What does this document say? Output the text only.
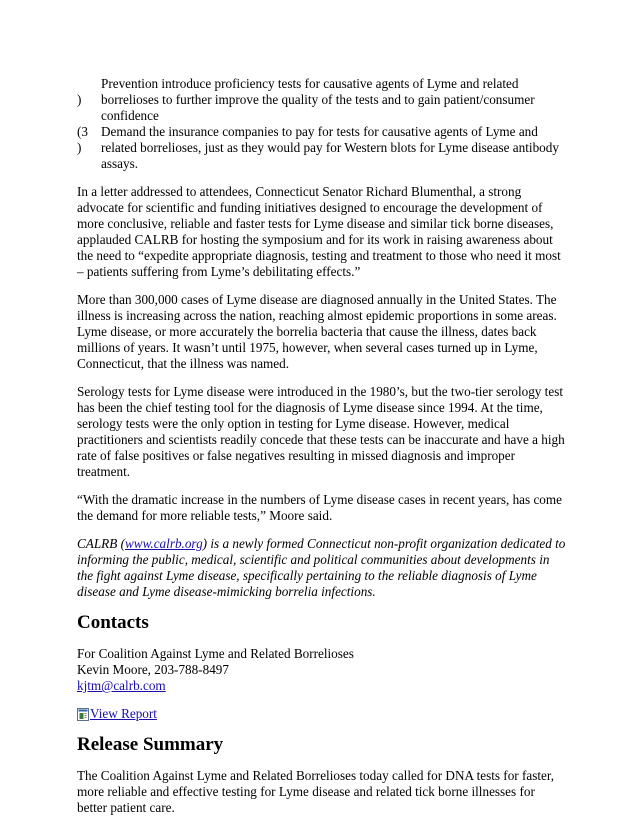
)
Prevention introduce proficiency tests for causative agents of Lyme and related borrelioses to further improve the quality of the tests and to gain patient/consumer confidence
(3
)
Demand the insurance companies to pay for tests for causative agents of Lyme and related borrelioses, just as they would pay for Western blots for Lyme disease antibody assays.

In a letter addressed to attendees, Connecticut Senator Richard Blumenthal, a strong advocate for scientific and funding initiatives designed to encourage the development of more conclusive, reliable and faster tests for Lyme disease and similar tick borne diseases, applauded CALRB for hosting the symposium and for its work in raising awareness about the need to “expedite appropriate diagnosis, testing and treatment to those who need it most – patients suffering from Lyme’s debilitating effects.”

More than 300,000 cases of Lyme disease are diagnosed annually in the United States. The illness is increasing across the nation, reaching almost epidemic proportions in some areas. Lyme disease, or more accurately the borrelia bacteria that cause the illness, dates back millions of years. It wasn’t until 1975, however, when several cases turned up in Lyme, Connecticut, that the illness was named.

Serology tests for Lyme disease were introduced in the 1980’s, but the two-tier serology test has been the chief testing tool for the diagnosis of Lyme disease since 1994. At the time, serology tests were the only option in testing for Lyme disease. However, medical practitioners and scientists readily concede that these tests can be inaccurate and have a high rate of false positives or false negatives resulting in missed diagnosis and improper treatment.

“With the dramatic increase in the numbers of Lyme disease cases in recent years, has come the demand for more reliable tests,” Moore said.

CALRB (www.calrb.org) is a newly formed Connecticut non-profit organization dedicated to informing the public, medical, scientific and political communities about developments in the fight against Lyme disease, specifically pertaining to the reliable diagnosis of Lyme disease and Lyme disease-mimicking borrelia infections.

Contacts
For Coalition Against Lyme and Related Borrelioses
Kevin Moore, 203-788-8497
kjtm@calrb.com
View Report
Release Summary

The Coalition Against Lyme and Related Borrelioses today called for DNA tests for faster, more reliable and effective testing for Lyme disease and related tick borne illnesses for better patient care.
